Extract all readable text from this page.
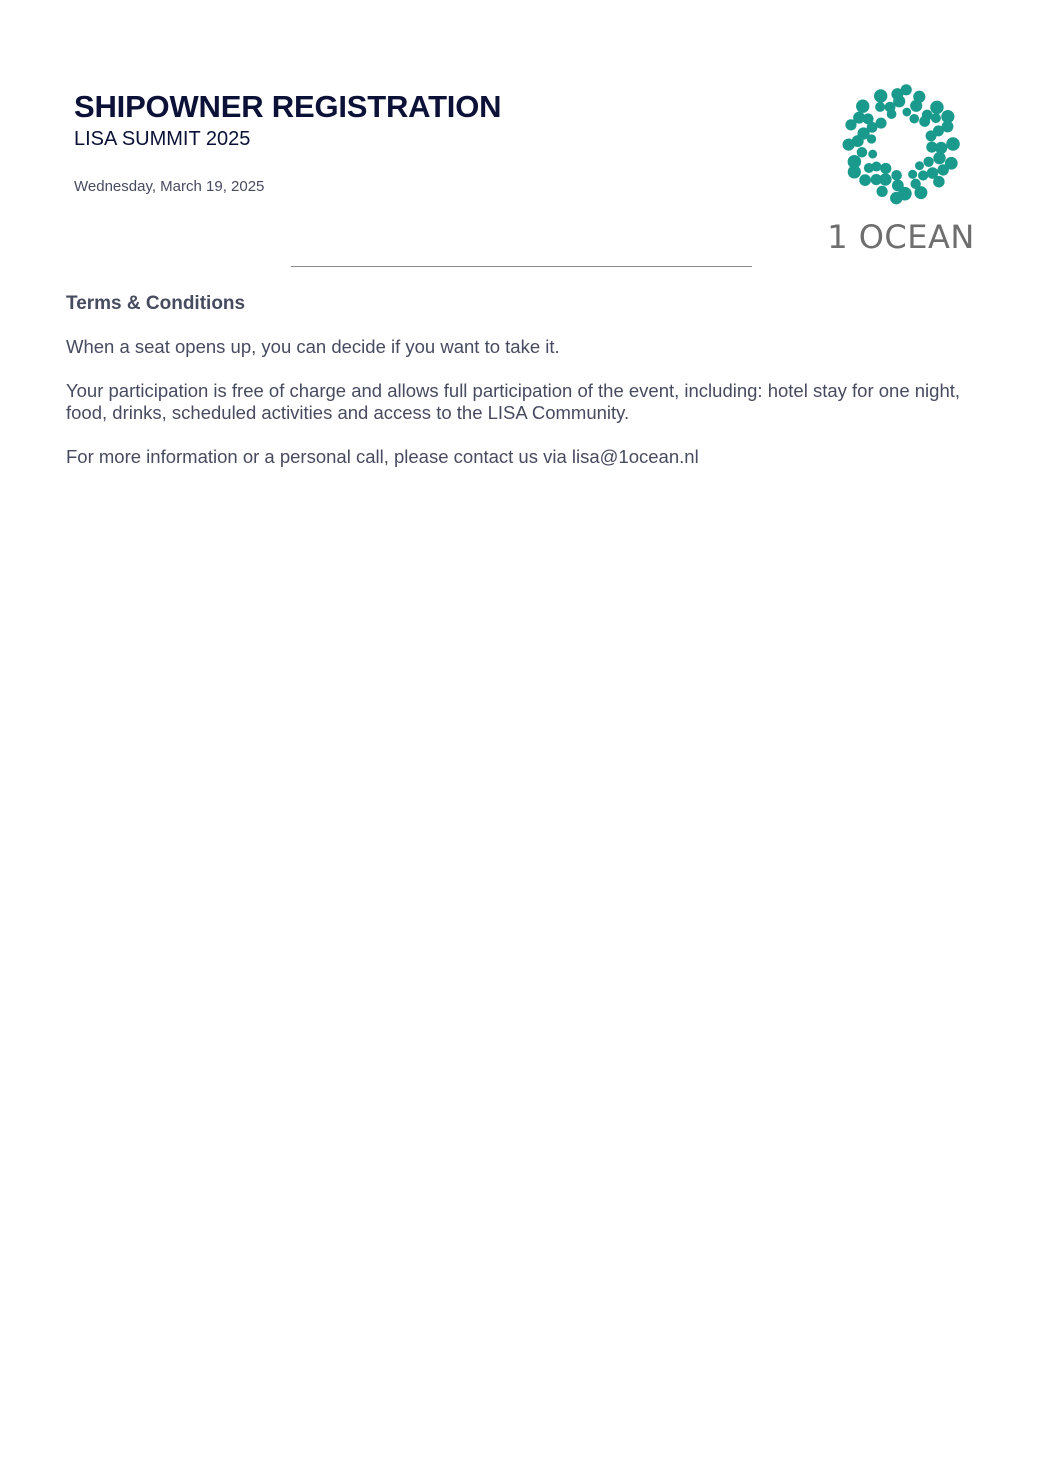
SHIPOWNER REGISTRATION

LISA SUMMIT 2025

Wednesday, March 19, 2025
1 OCEAN
Terms & Conditions

When a seat opens up, you can decide if you want to take it.

Your participation is free of charge and allows full participation of the event, including: hotel stay for one night, food, drinks, scheduled activities and access to the LISA Community.

For more information or a personal call, please contact us via lisa@1ocean.nl
